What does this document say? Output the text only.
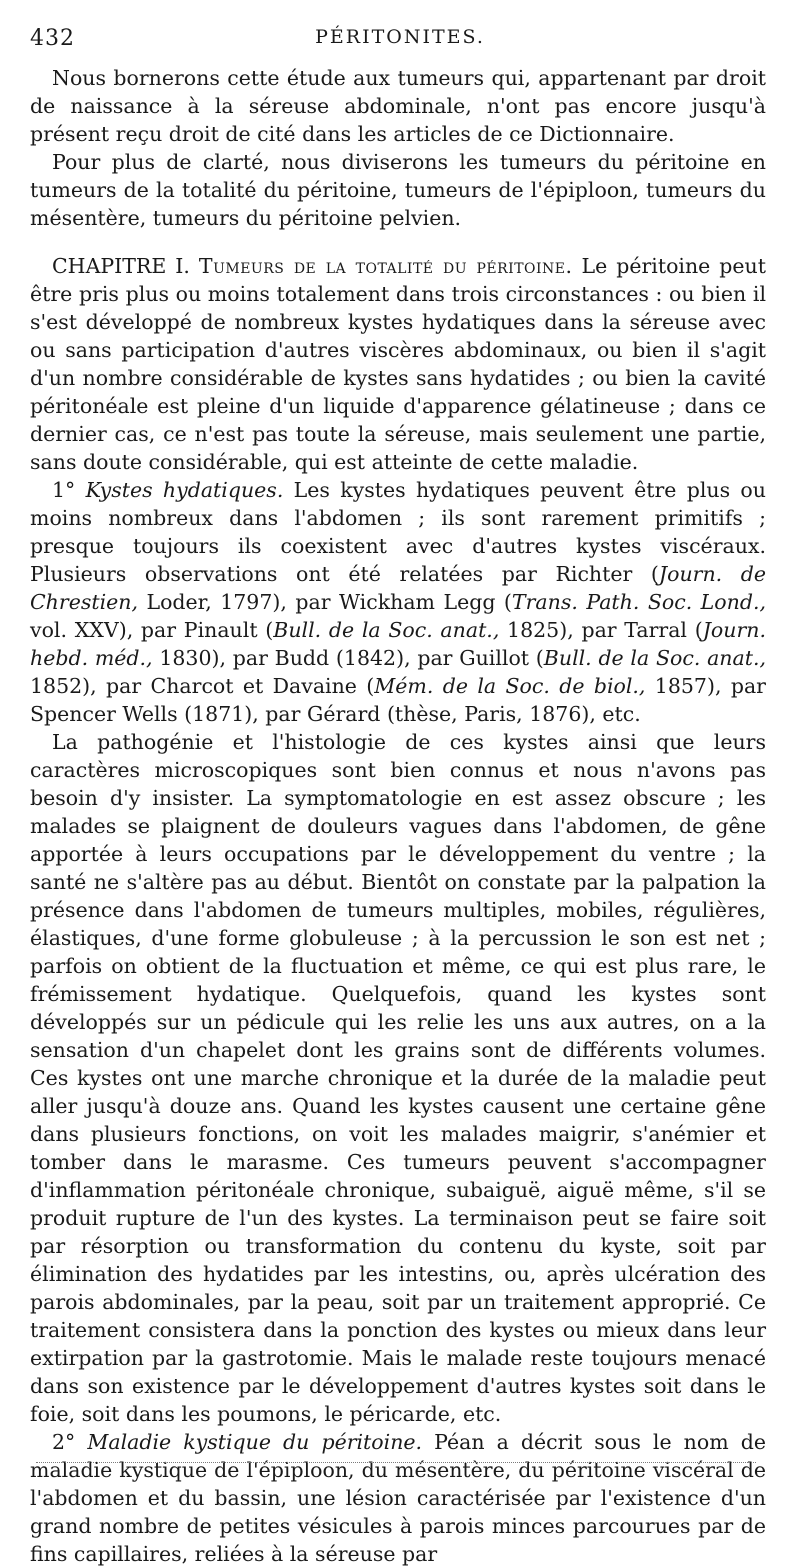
432	PÉRITONITES.

Nous bornerons cette étude aux tumeurs qui, appartenant par droit de naissance à la séreuse abdominale, n'ont pas encore jusqu'à présent reçu droit de cité dans les articles de ce Dictionnaire.

Pour plus de clarté, nous diviserons les tumeurs du péritoine en tumeurs de la totalité du péritoine, tumeurs de l'épiploon, tumeurs du mésentère, tumeurs du péritoine pelvien.

CHAPITRE I. Tumeurs de la totalité du péritoine. Le péritoine peut être pris plus ou moins totalement dans trois circonstances : ou bien il s'est développé de nombreux kystes hydatiques dans la séreuse avec ou sans participation d'autres viscères abdominaux, ou bien il s'agit d'un nombre considérable de kystes sans hydatides ; ou bien la cavité péritonéale est pleine d'un liquide d'apparence gélatineuse ; dans ce dernier cas, ce n'est pas toute la séreuse, mais seulement une partie, sans doute considérable, qui est atteinte de cette maladie.

1° Kystes hydatiques. Les kystes hydatiques peuvent être plus ou moins nombreux dans l'abdomen ; ils sont rarement primitifs ; presque toujours ils coexistent avec d'autres kystes viscéraux. Plusieurs observations ont été relatées par Richter (Journ. de Chrestien, Loder, 1797), par Wickham Legg (Trans. Path. Soc. Lond., vol. XXV), par Pinault (Bull. de la Soc. anat., 1825), par Tarral (Journ. hebd. méd., 1830), par Budd (1842), par Guillot (Bull. de la Soc. anat., 1852), par Charcot et Davaine (Mém. de la Soc. de biol., 1857), par Spencer Wells (1871), par Gérard (thèse, Paris, 1876), etc.

La pathogénie et l'histologie de ces kystes ainsi que leurs caractères microscopiques sont bien connus et nous n'avons pas besoin d'y insister. La symptomatologie en est assez obscure ; les malades se plaignent de douleurs vagues dans l'abdomen, de gêne apportée à leurs occupations par le développement du ventre ; la santé ne s'altère pas au début. Bientôt on constate par la palpation la présence dans l'abdomen de tumeurs multiples, mobiles, régulières, élastiques, d'une forme globuleuse ; à la percussion le son est net ; parfois on obtient de la fluctuation et même, ce qui est plus rare, le frémissement hydatique. Quelquefois, quand les kystes sont développés sur un pédicule qui les relie les uns aux autres, on a la sensation d'un chapelet dont les grains sont de différents volumes. Ces kystes ont une marche chronique et la durée de la maladie peut aller jusqu'à douze ans. Quand les kystes causent une certaine gêne dans plusieurs fonctions, on voit les malades maigrir, s'anémier et tomber dans le marasme. Ces tumeurs peuvent s'accompagner d'inflammation péritonéale chronique, subaiguë, aiguë même, s'il se produit rupture de l'un des kystes. La terminaison peut se faire soit par résorption ou transformation du contenu du kyste, soit par élimination des hydatides par les intestins, ou, après ulcération des parois abdominales, par la peau, soit par un traitement approprié. Ce traitement consistera dans la ponction des kystes ou mieux dans leur extirpation par la gastrotomie. Mais le malade reste toujours menacé dans son existence par le développement d'autres kystes soit dans le foie, soit dans les poumons, le péricarde, etc.

2° Maladie kystique du péritoine. Péan a décrit sous le nom de maladie kystique de l'épiploon, du mésentère, du péritoine viscéral de l'abdomen et du bassin, une lésion caractérisée par l'existence d'un grand nombre de petites vésicules à parois minces parcourues par de fins capillaires, reliées à la séreuse par
